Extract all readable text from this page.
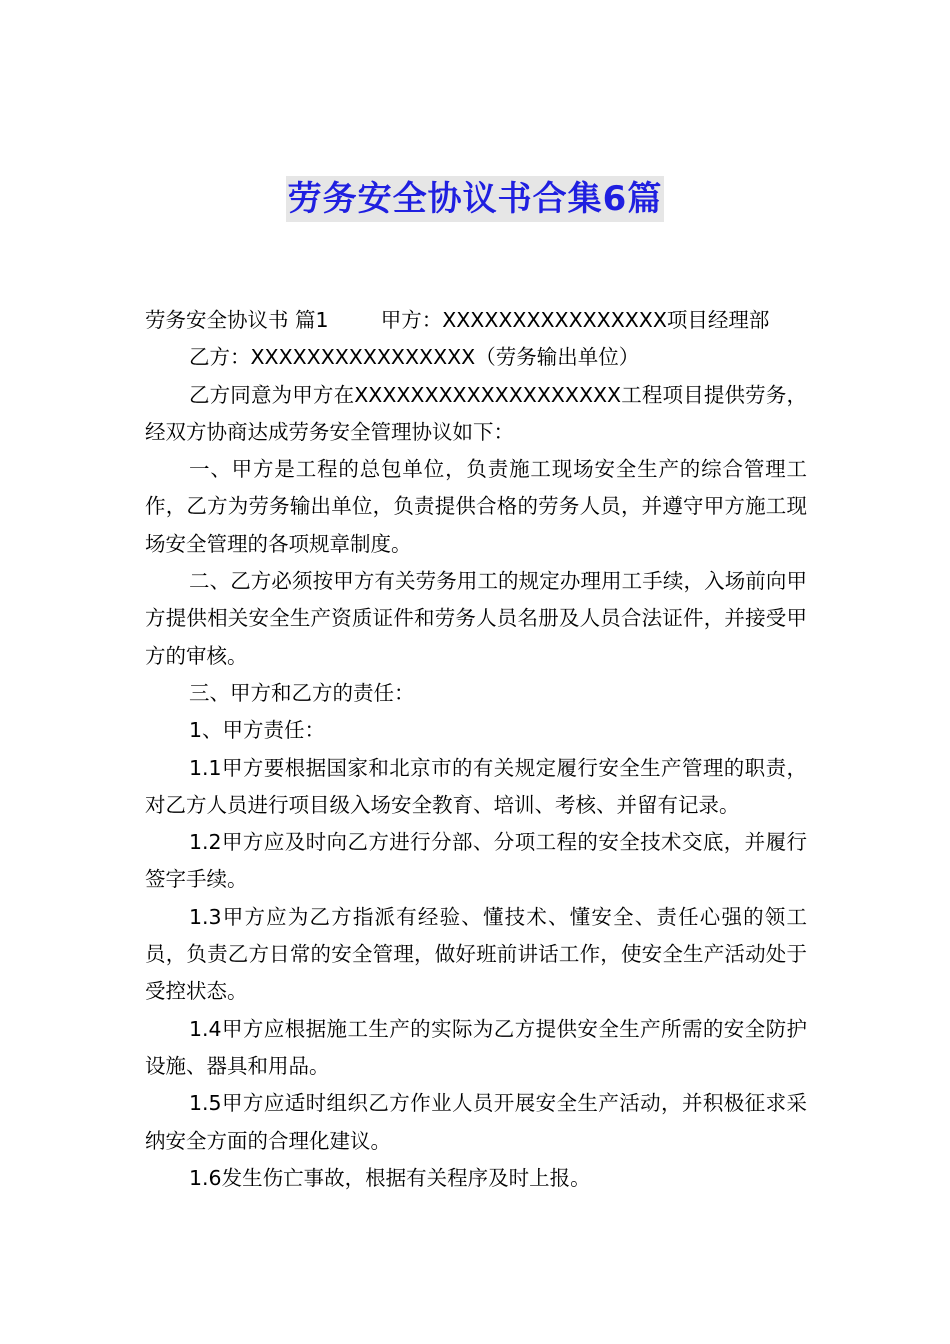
劳务安全协议书合集6篇

劳务安全协议书 篇1        甲方：XXXXXXXXXXXXXXXX项目经理部

乙方：XXXXXXXXXXXXXXXX（劳务输出单位）

乙方同意为甲方在XXXXXXXXXXXXXXXXXXX工程项目提供劳务，经双方协商达成劳务安全管理协议如下：

一、甲方是工程的总包单位，负责施工现场安全生产的综合管理工作，乙方为劳务输出单位，负责提供合格的劳务人员，并遵守甲方施工现场安全管理的各项规章制度。

二、乙方必须按甲方有关劳务用工的规定办理用工手续，入场前向甲方提供相关安全生产资质证件和劳务人员名册及人员合法证件，并接受甲方的审核。

三、甲方和乙方的责任：

1、甲方责任：

1.1甲方要根据国家和北京市的有关规定履行安全生产管理的职责，对乙方人员进行项目级入场安全教育、培训、考核、并留有记录。

1.2甲方应及时向乙方进行分部、分项工程的安全技术交底，并履行签字手续。

1.3甲方应为乙方指派有经验、懂技术、懂安全、责任心强的领工员，负责乙方日常的安全管理，做好班前讲话工作，使安全生产活动处于受控状态。

1.4甲方应根据施工生产的实际为乙方提供安全生产所需的安全防护设施、器具和用品。

1.5甲方应适时组织乙方作业人员开展安全生产活动，并积极征求采纳安全方面的合理化建议。

1.6发生伤亡事故，根据有关程序及时上报。
